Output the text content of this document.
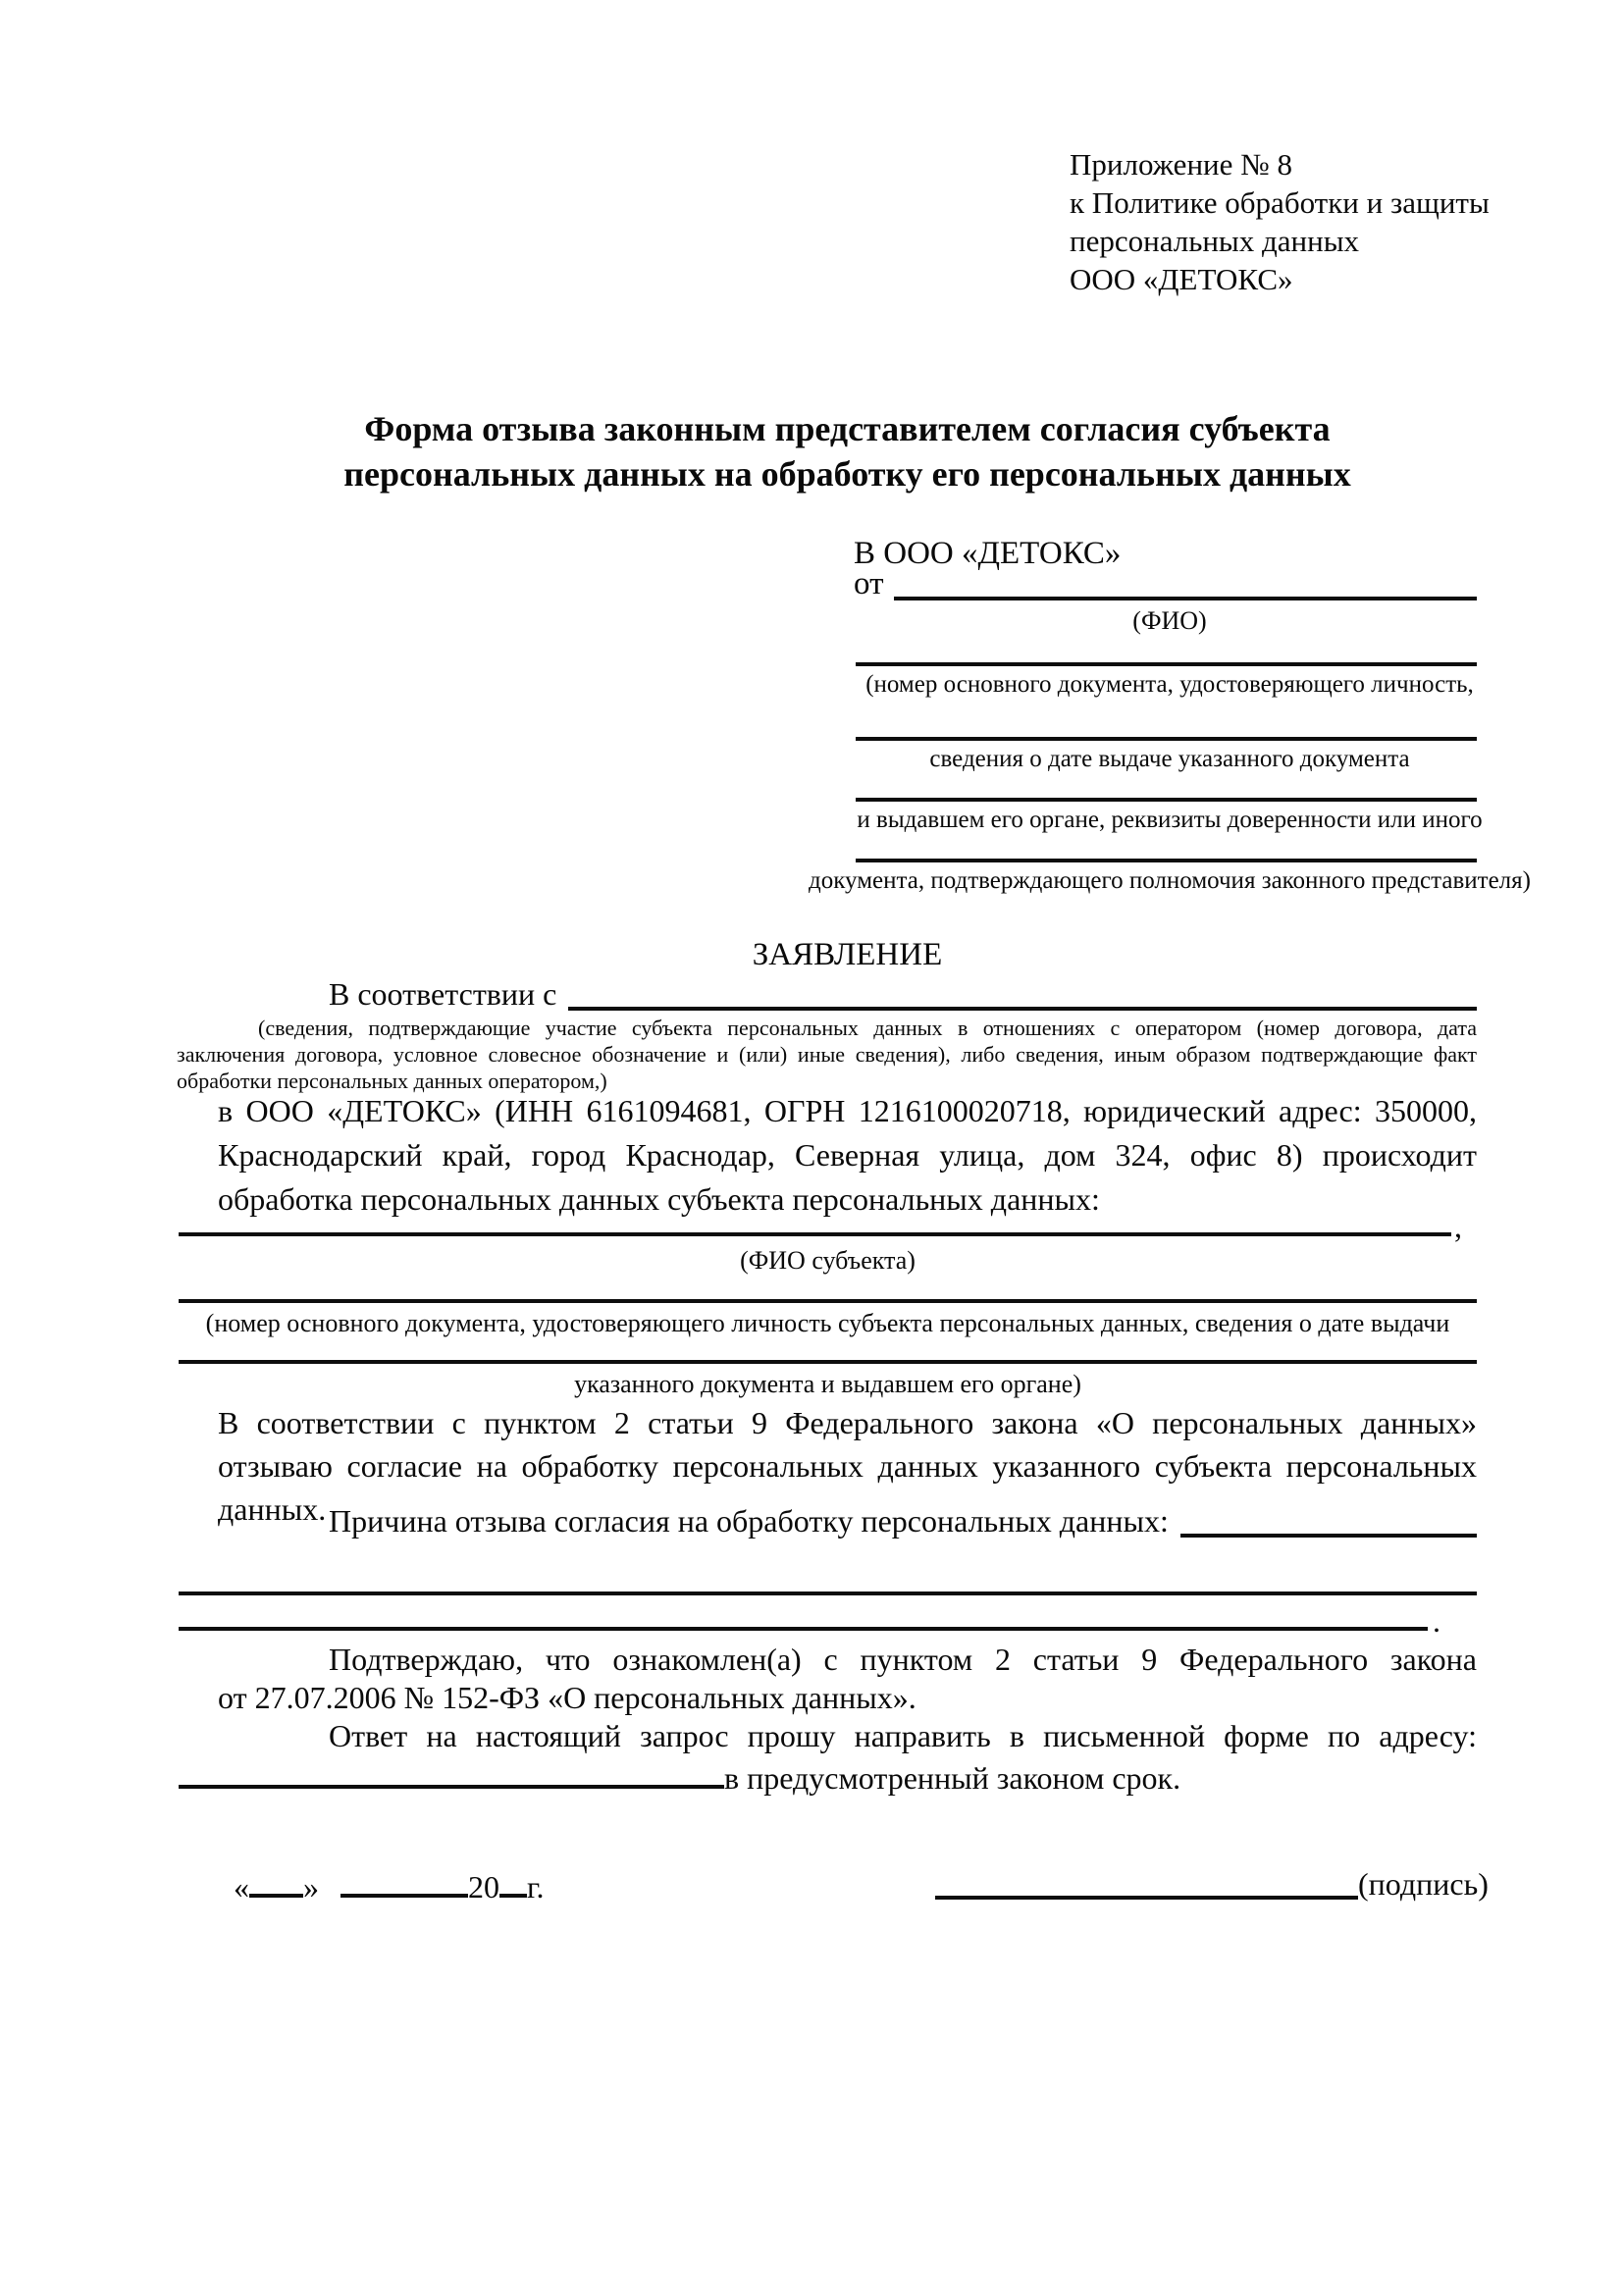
Приложение № 8
к Политике обработки и защиты
персональных данных
ООО «ДЕТОКС»
Форма отзыва законным представителем согласия субъекта
персональных данных на обработку его персональных данных
В ООО «ДЕТОКС»
от
(ФИО)
(номер основного документа, удостоверяющего личность,
сведения о дате выдаче указанного документа
и выдавшем его органе, реквизиты доверенности или иного
документа, подтверждающего полномочия законного представителя)
ЗАЯВЛЕНИЕ
В соответствии с
(сведения, подтверждающие участие субъекта персональных данных в отношениях с оператором (номер договора, дата
заключения договора, условное словесное обозначение и (или) иные сведения), либо сведения, иным образом подтверждающие факт
обработки персональных данных оператором,)
в ООО «ДЕТОКС» (ИНН 6161094681, ОГРН 1216100020718, юридический адрес: 350000,
Краснодарский край, город Краснодар, Северная улица, дом 324, офис 8) происходит
обработка персональных данных субъекта персональных данных:
,
(ФИО субъекта)
(номер основного документа, удостоверяющего личность субъекта персональных данных, сведения о дате выдачи
указанного документа и выдавшем его органе)
В соответствии с пунктом 2 статьи 9 Федерального закона «О персональных данных»
отзываю согласие на обработку персональных данных указанного субъекта персональных
данных. Причина отзыва согласия на обработку персональных данных:
.
Подтверждаю, что ознакомлен(а) с пунктом 2 статьи 9 Федерального закона
от 27.07.2006 № 152-ФЗ «О персональных данных».
Ответ на настоящий запрос прошу направить в письменной форме по адресу:
в предусмотренный законом срок.
« »	20 г.	(подпись)
